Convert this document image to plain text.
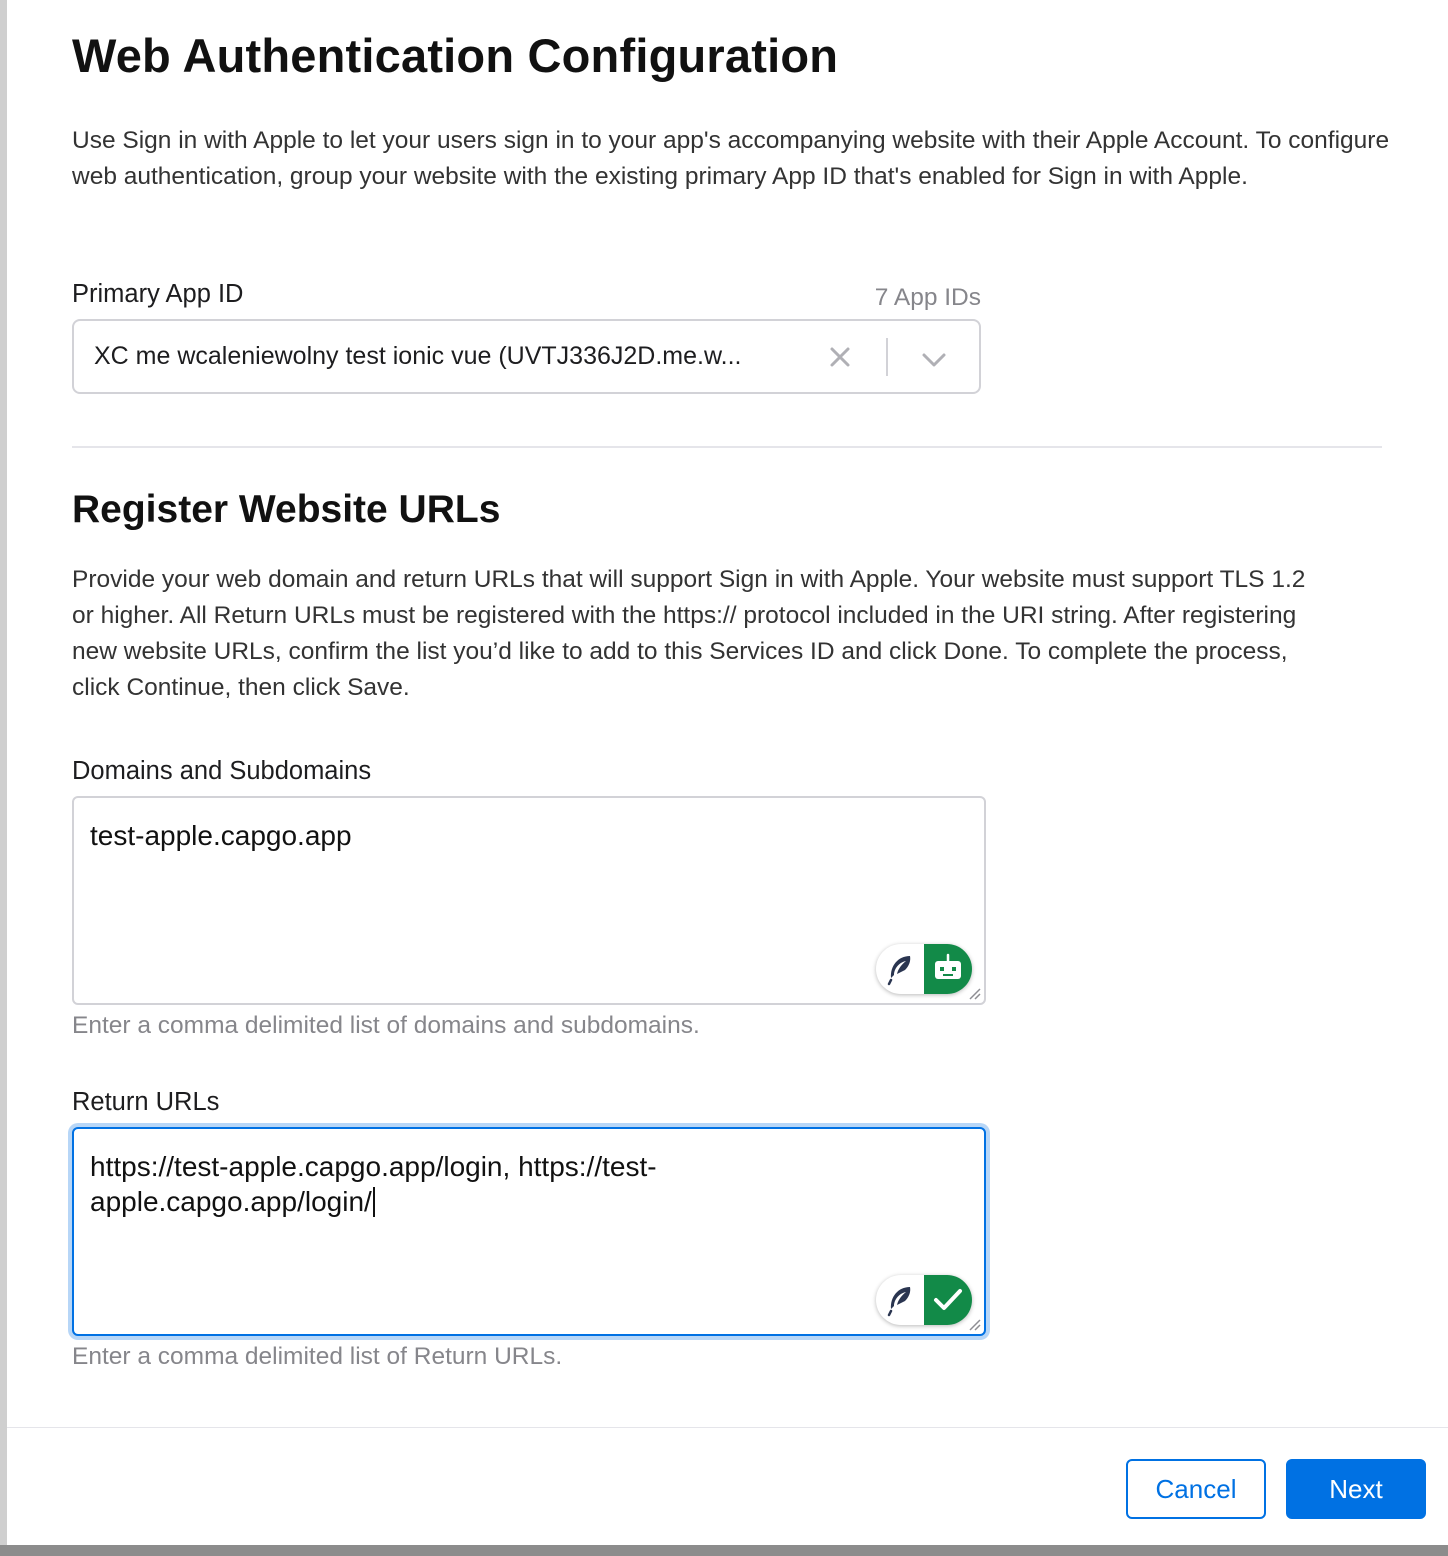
Web Authentication Configuration

Use Sign in with Apple to let your users sign in to your app's accompanying website with their Apple Account. To configure web authentication, group your website with the existing primary App ID that's enabled for Sign in with Apple.

Primary App ID	7 App IDs
XC me wcaleniewolny test ionic vue (UVTJ336J2D.me.w...
Register Website URLs

Provide your web domain and return URLs that will support Sign in with Apple. Your website must support TLS 1.2 or higher. All Return URLs must be registered with the https:// protocol included in the URI string. After registering new website URLs, confirm the list you’d like to add to this Services ID and click Done. To complete the process, click Continue, then click Save.

Domains and Subdomains
test-apple.capgo.app
Enter a comma delimited list of domains and subdomains.
Return URLs
https://test-apple.capgo.app/login, https://test-apple.capgo.app/login/
Enter a comma delimited list of Return URLs.
Cancel	Next
